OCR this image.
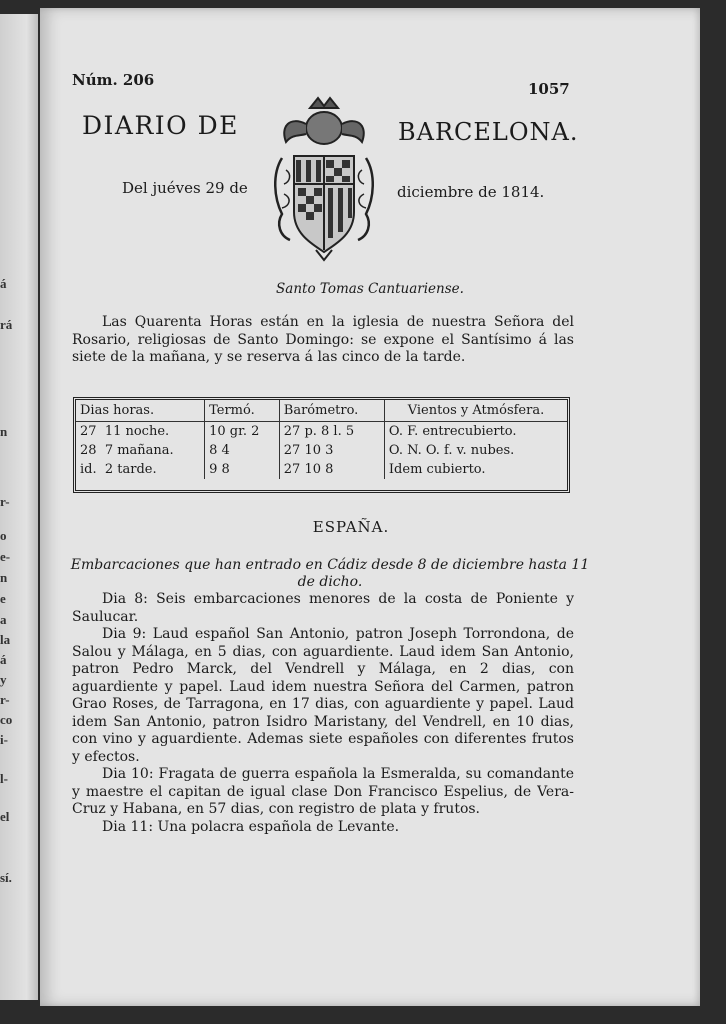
á
rá
n
r-
o
e-
n
e
a
la
á
y
r-
co
i-
l-
el
sí.
Núm. 206	1057
DIARIO DE	BARCELONA.
Del juéves 29 de	diciembre de 1814.
Santo Tomas Cantuariense.

Las Quarenta Horas están en la iglesia de nuestra Señora del Rosario, religiosas de Santo Domingo: se expone el Santísimo á las siete de la mañana, y se reserva á las cinco de la tarde.

Dias horas.	Termó.	Barómetro.	Vientos y Atmósfera.
27 11 noche.	10 gr. 2	27 p. 8 l. 5	O. F. entrecubierto.
28 7 mañana.	8 4	27 10 3	O. N. O. f. v. nubes.
id. 2 tarde.	9 8	27 10 8	Idem cubierto.
ESPAÑA.
Embarcaciones que han entrado en Cádiz desde 8 de diciembre hasta 11 de dicho.

Dia 8: Seis embarcaciones menores de la costa de Poniente y Saulucar.

Dia 9: Laud español San Antonio, patron Joseph Torrondona, de Salou y Málaga, en 5 dias, con aguardiente. Laud idem San Antonio, patron Pedro Marck, del Vendrell y Málaga, en 2 dias, con aguardiente y papel. Laud idem nuestra Señora del Carmen, patron Grao Roses, de Tarragona, en 17 dias, con aguardiente y papel. Laud idem San Antonio, patron Isidro Maristany, del Vendrell, en 10 dias, con vino y aguardiente. Ademas siete españoles con diferentes frutos y efectos.

Dia 10: Fragata de guerra española la Esmeralda, su comandante y maestre el capitan de igual clase Don Francisco Espelius, de Vera-Cruz y Habana, en 57 dias, con registro de plata y frutos.

Dia 11: Una polacra española de Levante.
